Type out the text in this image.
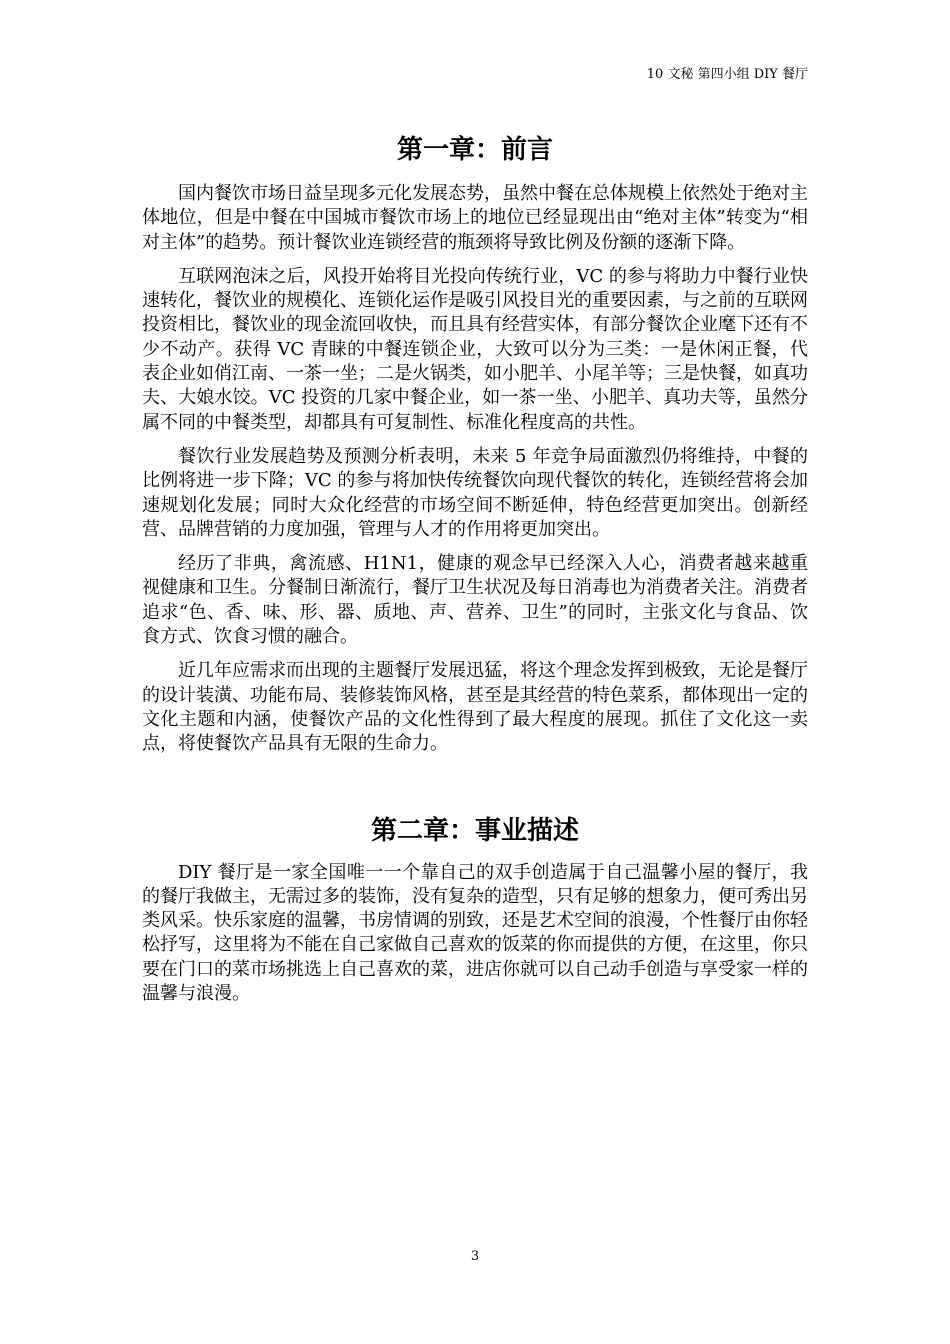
10 文秘 第四小组 DIY 餐厅
第一章：前言

国内餐饮市场日益呈现多元化发展态势，虽然中餐在总体规模上依然处于绝对主体地位，但是中餐在中国城市餐饮市场上的地位已经显现出由“绝对主体”转变为“相对主体”的趋势。预计餐饮业连锁经营的瓶颈将导致比例及份额的逐渐下降。

互联网泡沫之后，风投开始将目光投向传统行业，VC 的参与将助力中餐行业快速转化，餐饮业的规模化、连锁化运作是吸引风投目光的重要因素，与之前的互联网投资相比，餐饮业的现金流回收快，而且具有经营实体，有部分餐饮企业麾下还有不少不动产。获得 VC 青睐的中餐连锁企业，大致可以分为三类：一是休闲正餐，代表企业如俏江南、一茶一坐；二是火锅类，如小肥羊、小尾羊等；三是快餐，如真功夫、大娘水饺。VC 投资的几家中餐企业，如一茶一坐、小肥羊、真功夫等，虽然分属不同的中餐类型，却都具有可复制性、标准化程度高的共性。

餐饮行业发展趋势及预测分析表明，未来 5 年竞争局面激烈仍将维持，中餐的比例将进一步下降；VC 的参与将加快传统餐饮向现代餐饮的转化，连锁经营将会加速规划化发展；同时大众化经营的市场空间不断延伸，特色经营更加突出。创新经营、品牌营销的力度加强，管理与人才的作用将更加突出。

经历了非典，禽流感、H1N1，健康的观念早已经深入人心，消费者越来越重视健康和卫生。分餐制日渐流行，餐厅卫生状况及每日消毒也为消费者关注。消费者追求“色、香、味、形、器、质地、声、营养、卫生”的同时，主张文化与食品、饮食方式、饮食习惯的融合。

近几年应需求而出现的主题餐厅发展迅猛，将这个理念发挥到极致，无论是餐厅的设计装潢、功能布局、装修装饰风格，甚至是其经营的特色菜系，都体现出一定的文化主题和内涵，使餐饮产品的文化性得到了最大程度的展现。抓住了文化这一卖点，将使餐饮产品具有无限的生命力。

第二章：事业描述

DIY 餐厅是一家全国唯一一个靠自己的双手创造属于自己温馨小屋的餐厅，我的餐厅我做主，无需过多的装饰，没有复杂的造型，只有足够的想象力，便可秀出另类风采。快乐家庭的温馨，书房情调的别致，还是艺术空间的浪漫，个性餐厅由你轻松抒写，这里将为不能在自己家做自己喜欢的饭菜的你而提供的方便，在这里，你只要在门口的菜市场挑选上自己喜欢的菜，进店你就可以自己动手创造与享受家一样的温馨与浪漫。

3
